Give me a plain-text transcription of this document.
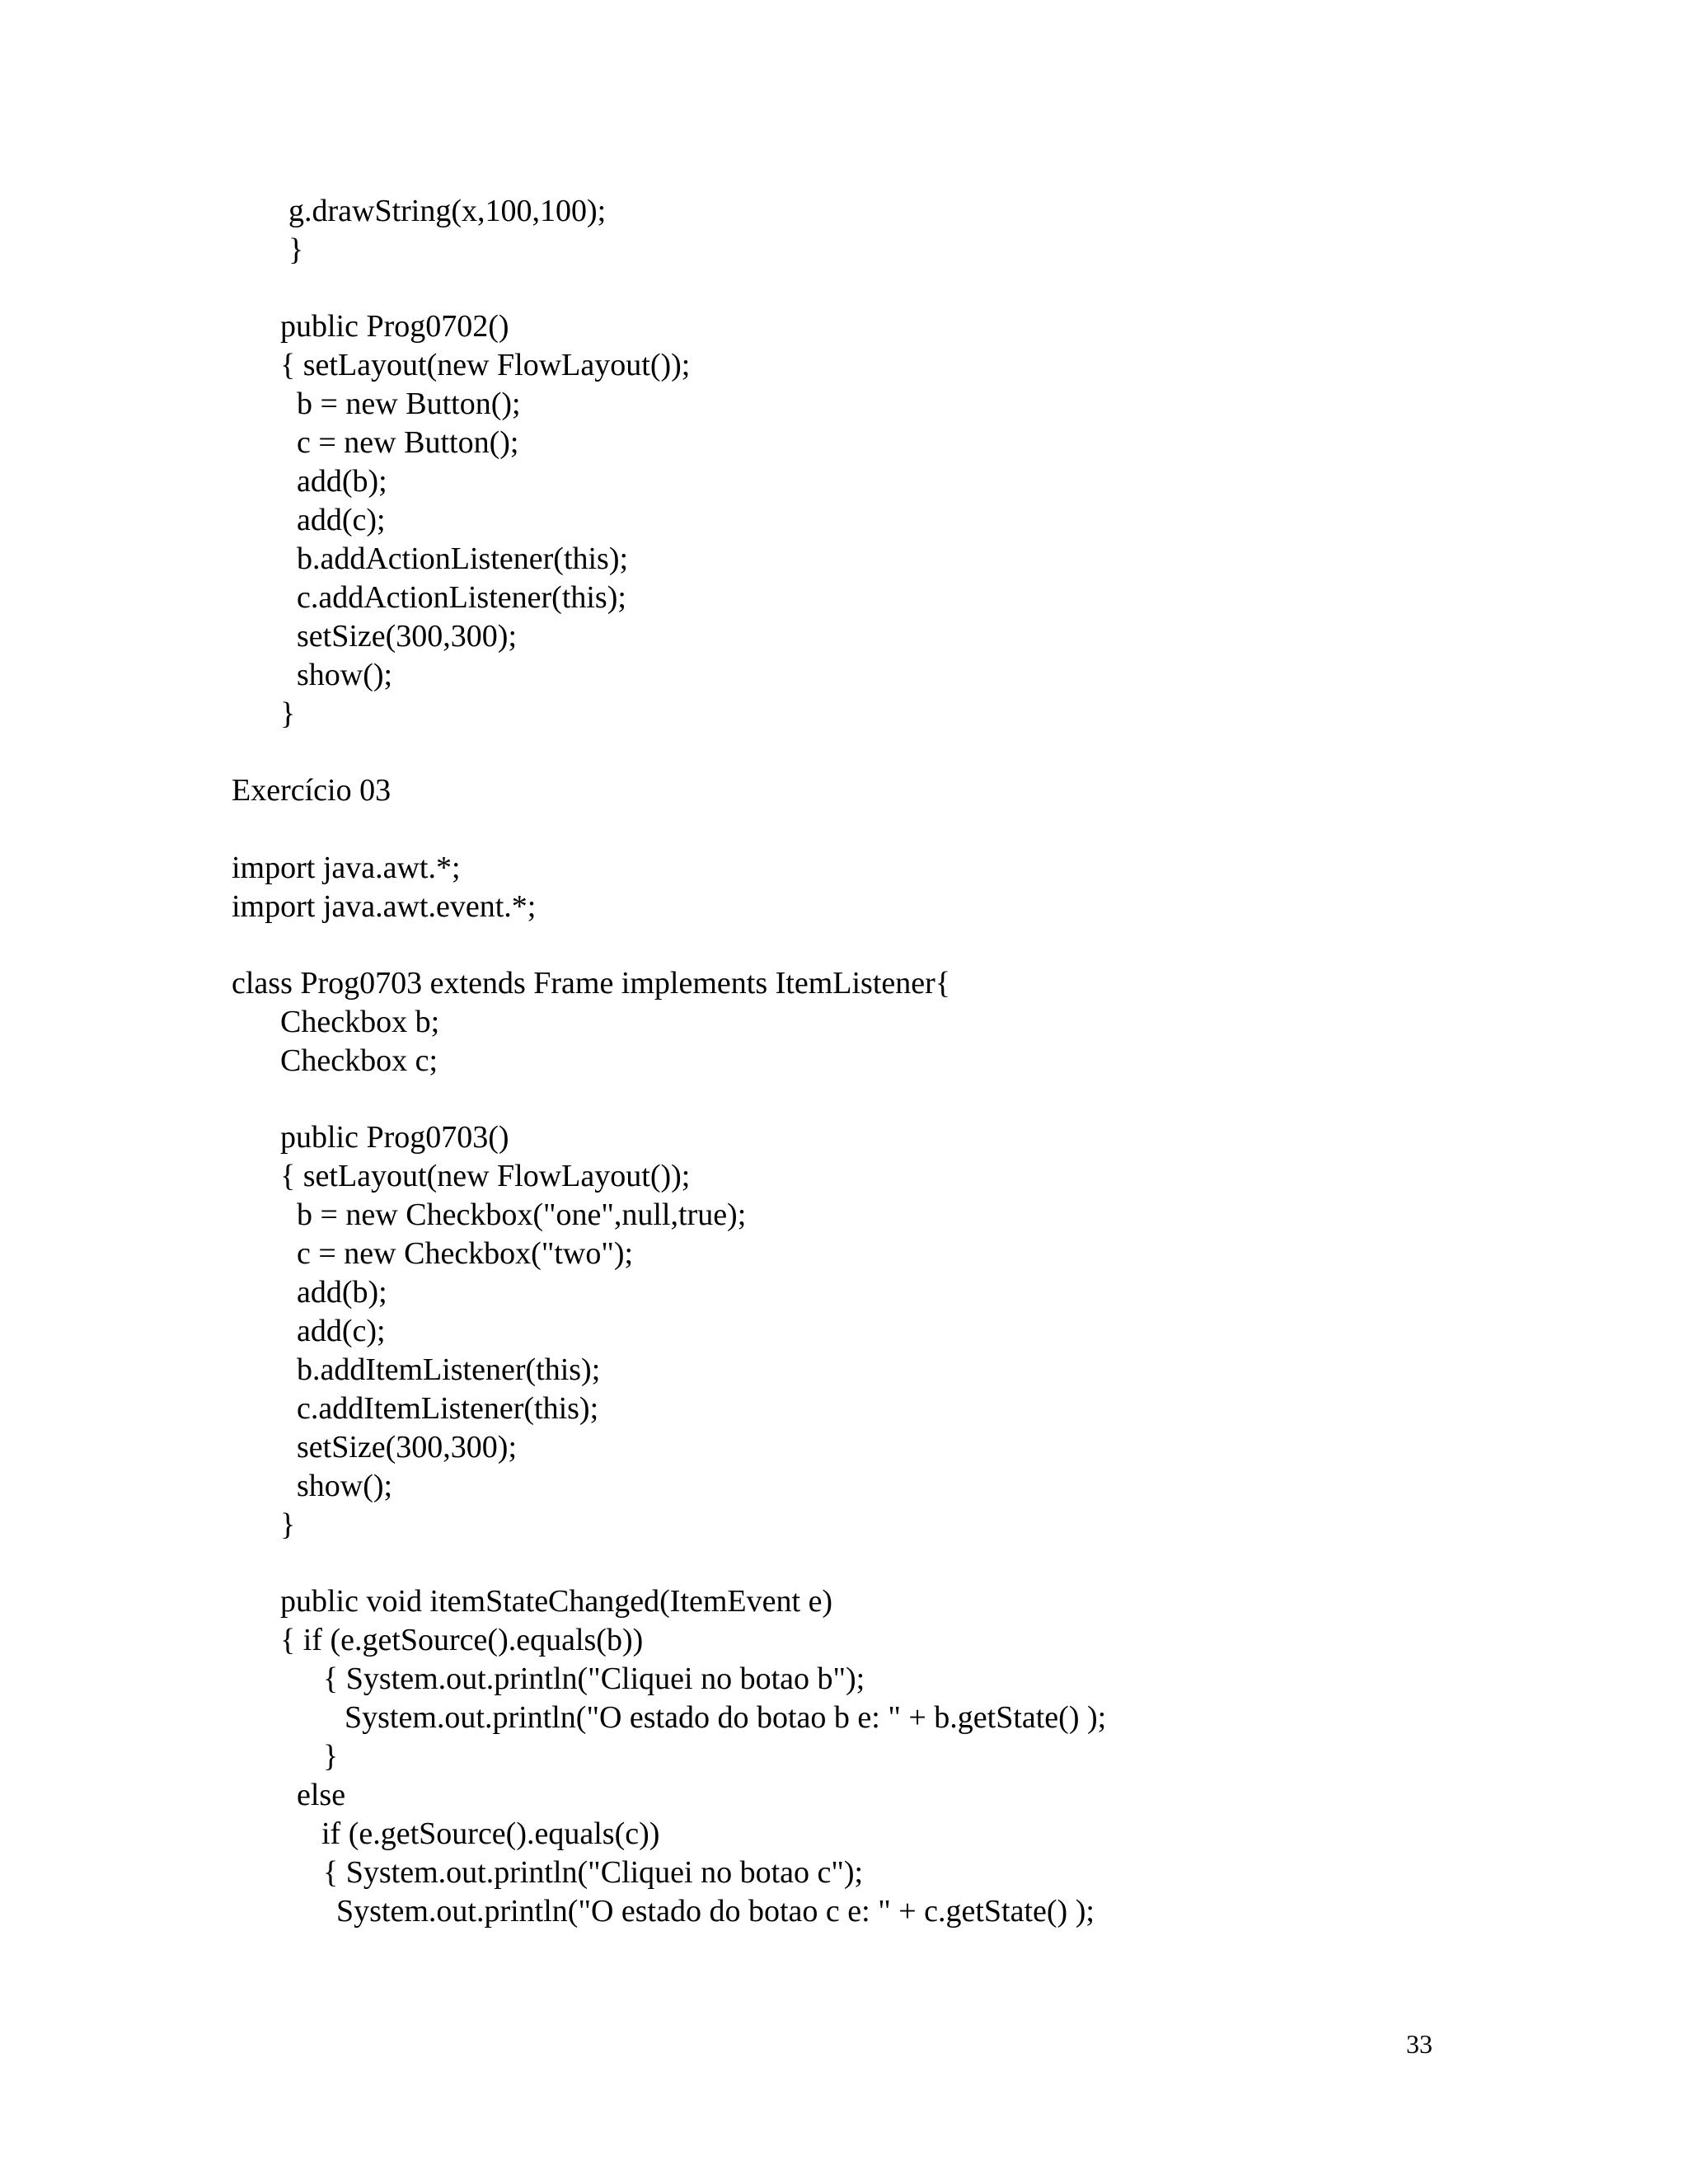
g.drawString(x,100,100);
}
public Prog0702()
{ setLayout(new FlowLayout());
b = new Button();
c = new Button();
add(b);
add(c);
b.addActionListener(this);
c.addActionListener(this);
setSize(300,300);
show();
}
Exercício 03
import java.awt.*;
import java.awt.event.*;
class Prog0703 extends Frame implements ItemListener{
Checkbox b;
Checkbox c;
public Prog0703()
{ setLayout(new FlowLayout());
b = new Checkbox("one",null,true);
c = new Checkbox("two");
add(b);
add(c);
b.addItemListener(this);
c.addItemListener(this);
setSize(300,300);
show();
}
public void itemStateChanged(ItemEvent e)
{ if (e.getSource().equals(b))
{ System.out.println("Cliquei no botao b");
System.out.println("O estado do botao b e: " + b.getState() );
}
else
if (e.getSource().equals(c))
{ System.out.println("Cliquei no botao c");
System.out.println("O estado do botao c e: " + c.getState() );
33
